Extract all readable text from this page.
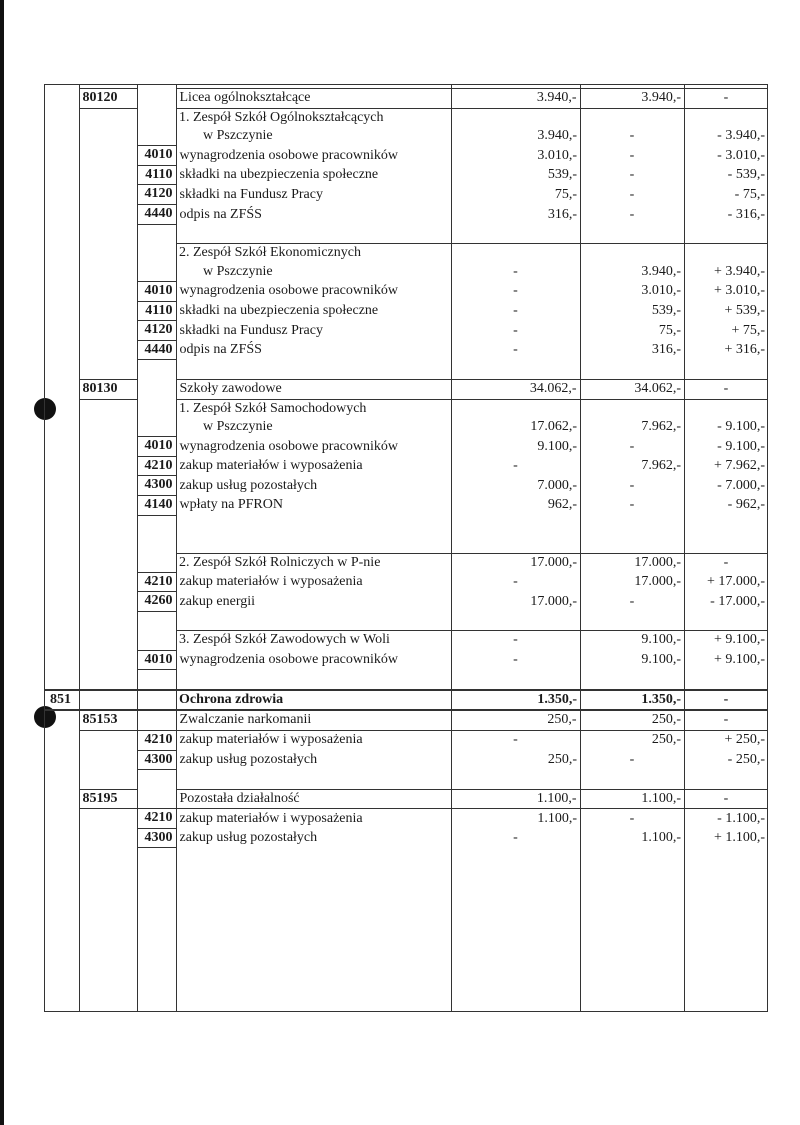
	80120		Licea ogólnokształcące	3.940,-	3.940,-	-
			1. Zespół Szkół Ogólnokształcących			
			w Pszczynie	3.940,-	-	- 3.940,-
		4010	wynagrodzenia osobowe pracowników	3.010,-	-	- 3.010,-
		4110	składki na ubezpieczenia społeczne	539,-	-	- 539,-
		4120	składki na Fundusz Pracy	75,-	-	- 75,-
		4440	odpis na ZFŚS	316,-	-	- 316,-

			2. Zespół Szkół Ekonomicznych			
			w Pszczynie	-	3.940,-	+ 3.940,-
		4010	wynagrodzenia osobowe pracowników	-	3.010,-	+ 3.010,-
		4110	składki na ubezpieczenia społeczne	-	539,-	+ 539,-
		4120	składki na Fundusz Pracy	-	75,-	+ 75,-
		4440	odpis na ZFŚS	-	316,-	+ 316,-

	80130		Szkoły zawodowe	34.062,-	34.062,-	-
			1. Zespół Szkół Samochodowych			
			w Pszczynie	17.062,-	7.962,-	- 9.100,-
		4010	wynagrodzenia osobowe pracowników	9.100,-	-	- 9.100,-
		4210	zakup materiałów i wyposażenia	-	7.962,-	+ 7.962,-
		4300	zakup usług pozostałych	7.000,-	-	- 7.000,-
		4140	wpłaty na PFRON	962,-	-	- 962,-

			2. Zespół Szkół Rolniczych w P-nie	17.000,-	17.000,-	-
		4210	zakup materiałów i wyposażenia	-	17.000,-	+ 17.000,-
		4260	zakup energii	17.000,-	-	- 17.000,-

			3. Zespół Szkół Zawodowych w Woli	-	9.100,-	+ 9.100,-
		4010	wynagrodzenia osobowe pracowników	-	9.100,-	+ 9.100,-

851			Ochrona zdrowia	1.350,-	1.350,-	-
	85153		Zwalczanie narkomanii	250,-	250,-	-
		4210	zakup materiałów i wyposażenia	-	250,-	+ 250,-
		4300	zakup usług pozostałych	250,-	-	- 250,-

	85195		Pozostała działalność	1.100,-	1.100,-	-
		4210	zakup materiałów i wyposażenia	1.100,-	-	- 1.100,-
		4300	zakup usług pozostałych	-	1.100,-	+ 1.100,-
